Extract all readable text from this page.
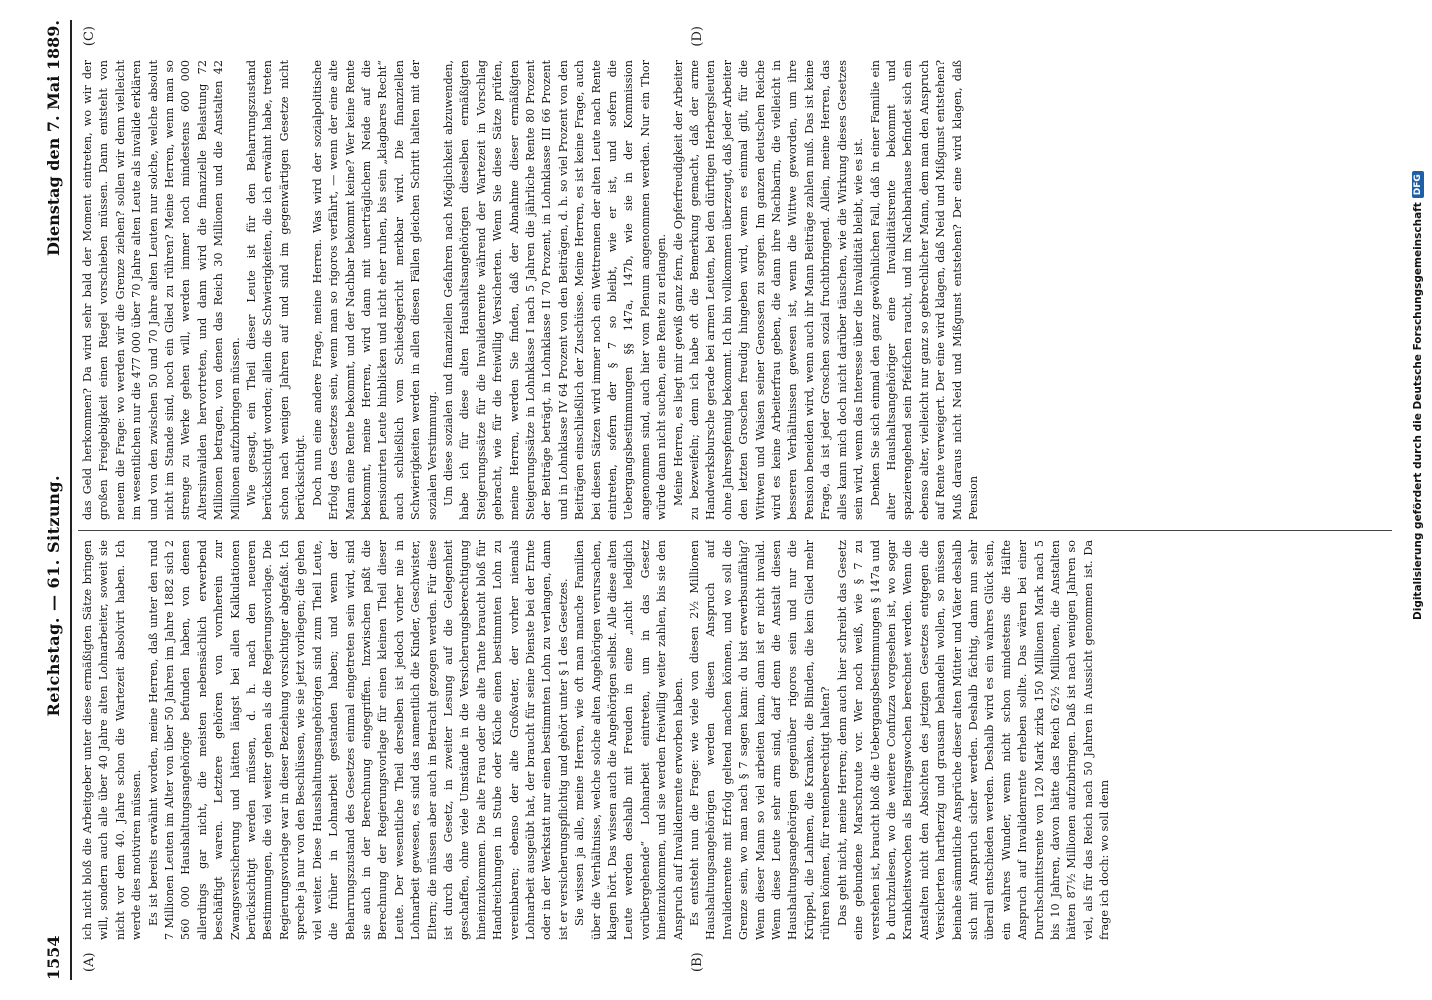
1554
Reichstag. — 61. Sitzung.
Dienstag den 7. Mai 1889.
(A)	(B)
(C)	(D)

ich nicht bloß die Arbeitgeber unter diese ermäßigten Sätze bringen will, sondern auch alle über 40 Jahre alten Lohnarbeiter, soweit sie nicht vor dem 40. Jahre schon die Wartezeit absolvirt haben. Ich werde dies motiviren müssen. Es ist bereits erwähnt worden, meine Herren, daß unter den rund 7 Millionen Leuten im Alter von über 50 Jahren im Jahre 1882 sich 2 560 000 Haushaltungsangehörige befunden haben, von denen allerdings gar nicht, die meisten nebensächlich erwerbend beschäftigt waren. Letztere gehören von vornherein zur Zwangsversicherung und hätten längst bei allen Kalkulationen berücksichtigt werden müssen, d. h. nach den neueren Bestimmungen, die viel weiter gehen als die Regierungsvorlage. Die Regierungsvorlage war in dieser Beziehung vorsichtiger abgefaßt. Ich spreche ja nur von den Beschlüssen, wie sie jetzt vorliegen; die gehen viel weiter. Diese Hausshaltungsangehörigen sind zum Theil Leute, die früher in Lohnarbeit gestanden haben; und wenn der Beharrungszustand des Gesetzes einmal eingetreten sein wird, sind sie auch in der Berechnung eingegriffen. Inzwischen paßt die Berechnung der Regierungsvorlage für einen kleinen Theil dieser Leute. Der wesentliche Theil derselben ist jedoch vorher nie in Lohnarbeit gewesen, es sind das namentlich die Kinder, Geschwister, Eltern; die müssen aber auch in Betracht gezogen werden. Für diese ist durch das Gesetz, in zweiter Lesung auf die Gelegenheit geschaffen, ohne viele Umstände in die Versicherungsberechtigung hineinzukommen. Die alte Frau oder die alte Tante braucht bloß für Handreichungen in Stube oder Küche einen bestimmten Lohn zu vereinbaren; ebenso der alte Großvater, der vorher niemals Lohnarbeit ausgeübt hat, der braucht für seine Dienste bei der Ernte oder in der Werkstatt nur einen bestimmten Lohn zu verlangen, dann ist er versicherungspflichtig und gehört unter § 1 des Gesetzes. Sie wissen ja alle, meine Herren, wie oft man manche Familien über die Verhältnisse, welche solche alten Angehörigen verursachen, klagen hört. Das wissen auch die Angehörigen selbst. Alle diese alten Leute werden deshalb mit Freuden in eine „nicht lediglich vorübergehende“ Lohnarbeit eintreten, um in das Gesetz hineinzukommen, und sie werden freiwillig weiter zahlen, bis sie den Anspruch auf Invalidenrente erworben haben. Es entsteht nun die Frage: wie viele von diesen 2½ Millionen Haushaltungsangehörigen werden diesen Anspruch auf Invalidenrente mit Erfolg geltend machen können, und wo soll die Grenze sein, wo man nach § 7 sagen kann: du bist erwerbsunfähig? Wenn dieser Mann so viel arbeiten kann, dann ist er nicht invalid. Wenn diese Leute sehr arm sind, darf denn die Anstalt diesen Haushaltungsangehörigen gegenüber rigoros sein und nur die Krüppel, die Lahmen, die Kranken, die Blinden, die kein Glied mehr rühren können, für rentenberechtigt halten? Das geht nicht, meine Herren; denn auch hier schreibt das Gesetz eine gebundene Marschroute vor. Wer noch weiß, wie § 7 zu verstehen ist, braucht bloß die Uebergangsbestimmungen § 147a und b durchzulesen, wo die weitere Confuzza vorgesehen ist, wo sogar Krankheitswochen als Beitragswochen berechnet werden. Wenn die Anstalten nicht den Absichten des jetzigen Gesetzes entgegen die Versicherten hartherzig und grausam behandeln wollen, so müssen beinahe sämmtliche Ansprüche dieser alten Mütter und Väter deshalb sich mit Anspruch sicher werden. Deshalb fächtig, dann nun sehr überall entschieden werden. Deshalb wird es ein wahres Glück sein, ein wahres Wunder, wenn nicht schon mindestens die Hälfte Anspruch auf Invalidenrente erheben sollte. Das wären bei einer Durchschnittsrente von 120 Mark zirka 150 Millionen Mark nach 5 bis 10 Jahren, davon hätte das Reich 62½ Millionen, die Anstalten hätten 87½ Millionen aufzubringen. Daß ist nach wenigen Jahren so viel, als für das Reich nach 50 Jahren in Aussicht genommen ist. Da frage ich doch: wo soll denn

das Geld herkommen? Da wird sehr bald der Moment eintreten, wo wir der großen Freigebigkeit einen Riegel vorschieben müssen. Dann entsteht von neuem die Frage: wo werden wir die Grenze ziehen? sollen wir denn vielleicht im wesentlichen nur die 477 000 über 70 Jahre alten Leute als invalide erklären und von den zwischen 50 und 70 Jahre alten Leuten nur solche, welche absolut nicht im Stande sind, noch ein Glied zu rühren? Meine Herren, wenn man so strenge zu Werke gehen will, werden immer noch mindestens 600 000 Altersinvaliden hervortreten, und dann wird die finanzielle Belastung 72 Millionen betragen, von denen das Reich 30 Millionen und die Anstalten 42 Millionen aufzubringen müssen. Wie gesagt, ein Theil dieser Leute ist für den Beharrungszustand berücksichtigt worden; allein die Schwierigkeiten, die ich erwähnt habe, treten schon nach wenigen Jahren auf und sind im gegenwärtigen Gesetze nicht berücksichtigt. Doch nun eine andere Frage, meine Herren. Was wird der sozialpolitische Erfolg des Gesetzes sein, wenn man so rigoros verfährt, — wenn der eine alte Mann eine Rente bekommt, und der Nachbar bekommt keine? Wer keine Rente bekommt, meine Herren, wird dann mit unerträglichem Neide auf die pensionirten Leute hinblicken und nicht eher ruhen, bis sein „klagbares Recht“ auch schließlich vom Schiedsgericht merkbar wird. Die finanziellen Schwierigkeiten werden in allen diesen Fällen gleichen Schritt halten mit der sozialen Verstimmung. Um diese sozialen und finanziellen Gefahren nach Möglichkeit abzuwenden, habe ich für diese alten Haushaltsangehörigen dieselben ermäßigten Steigerungssätze für die Invalidenrente während der Wartezeit in Vorschlag gebracht, wie für die freiwillig Versicherten. Wenn Sie diese Sätze prüfen, meine Herren, werden Sie finden, daß der Abnahme dieser ermäßigten Steigerungssätze in Lohnklasse I nach 5 Jahren die jährliche Rente 80 Prozent der Beiträge beträgt, in Lohnklasse II 70 Prozent, in Lohnklasse III 66 Prozent und in Lohnklasse IV 64 Prozent von den Beiträgen, d. h. so viel Prozent von den Beiträgen einschließlich der Zuschüsse. Meine Herren, es ist keine Frage, auch bei diesen Sätzen wird immer noch ein Wettrennen der alten Leute nach Rente eintreten, sofern der § 7 so bleibt, wie er ist, und sofern die Uebergangsbestimmungen §§ 147a, 147b, wie sie in der Kommission angenommen sind, auch hier vom Plenum angenommen werden. Nur ein Thor würde dann nicht suchen, eine Rente zu erlangen. Meine Herren, es liegt mir gewiß ganz fern, die Opferfreudigkeit der Arbeiter zu bezweifeln; denn ich habe oft die Bemerkung gemacht, daß der arme Handwerksbursche gerade bei armen Leuten, bei den dürftigen Herbergsleuten ohne Jahrespfennig bekommt. Ich bin vollkommen überzeugt, daß jeder Arbeiter den letzten Groschen freudig hingeben wird, wenn es einmal gilt, für die Wittwen und Waisen seiner Genossen zu sorgen. Im ganzen deutschen Reiche wird es keine Arbeiterfrau geben, die dann ihre Nachbarin, die vielleicht in besseren Verhältnissen gewesen ist, wenn die Wittwe geworden, um ihre Pension beneiden wird, wenn auch ihr Mann Beiträge zahlen muß. Das ist keine Frage, da ist jeder Groschen sozial fruchtbringend. Allein, meine Herren, das alles kann mich doch nicht darüber täuschen, wie die Wirkung dieses Gesetzes sein wird, wenn das Interesse über die Invalidität bleibt, wie es ist. Denken Sie sich einmal den ganz gewöhnlichen Fall, daß in einer Familie ein alter Haushaltsangehöriger eine Invaliditätsrente bekommt und spazierengehend sein Pfeifchen raucht, und im Nachbarhause befindet sich ein ebenso alter, vielleicht nur ganz so gebrechlicher Mann, dem man den Anspruch auf Rente verweigert. Der eine wird klagen, daß Neid und Mißgunst entstehen? Muß daraus nicht Neid und Mißgunst entstehen? Der eine wird klagen, daß Pension	Digitalisierung gefördert durch die Deutsche Forschungsgemeinschaft
DFG
